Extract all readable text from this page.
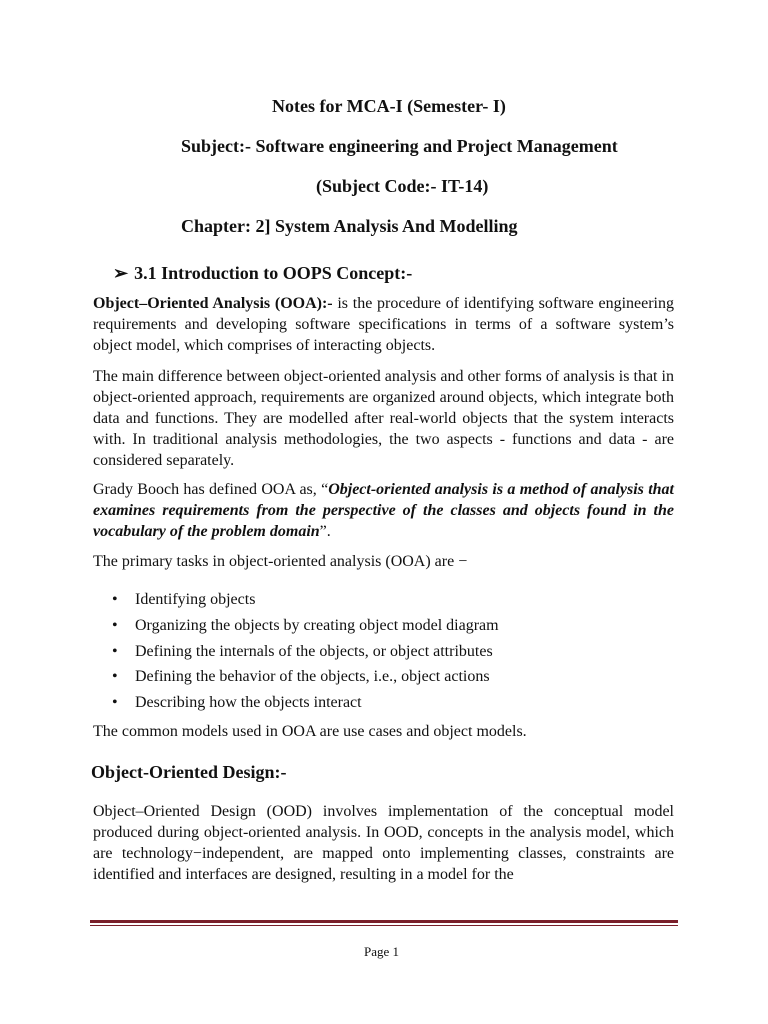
Notes for MCA-I (Semester- I)
Subject:- Software engineering and Project Management
(Subject Code:- IT-14)
Chapter: 2] System Analysis And Modelling
➢ 3.1 Introduction to OOPS Concept:-
Object–Oriented Analysis (OOA):- is the procedure of identifying software engineering requirements and developing software specifications in terms of a software system’s object model, which comprises of interacting objects.
The main difference between object-oriented analysis and other forms of analysis is that in object-oriented approach, requirements are organized around objects, which integrate both data and functions. They are modelled after real-world objects that the system interacts with. In traditional analysis methodologies, the two aspects - functions and data - are considered separately.
Grady Booch has defined OOA as, “Object-oriented analysis is a method of analysis that examines requirements from the perspective of the classes and objects found in the vocabulary of the problem domain”.
The primary tasks in object-oriented analysis (OOA) are −
• Identifying objects
• Organizing the objects by creating object model diagram
• Defining the internals of the objects, or object attributes
• Defining the behavior of the objects, i.e., object actions
• Describing how the objects interact
The common models used in OOA are use cases and object models.
Object-Oriented Design:-
Object–Oriented Design (OOD) involves implementation of the conceptual model produced during object-oriented analysis. In OOD, concepts in the analysis model, which are technology−independent, are mapped onto implementing classes, constraints are identified and interfaces are designed, resulting in a model for the
Page 1
